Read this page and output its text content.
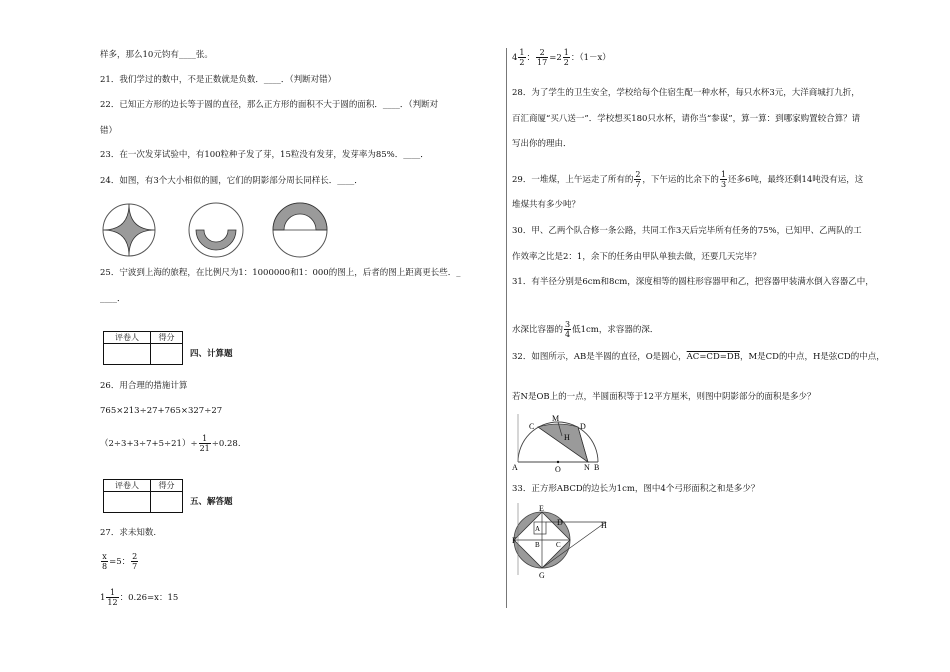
样多，那么10元钧有____张。
21．我们学过的数中，不是正数就是负数．____．（判断对错）
22．已知正方形的边长等于圆的直径，那么正方形的面积不大于圆的面积．____．（判断对
错）
23．在一次发芽试验中，有100粒种子发了芽，15粒没有发芽，发芽率为85%．____．
24．如图，有3个大小相似的圆，它们的阴影部分周长同样长．____．
25．宁波到上海的旅程，在比例尺为1：1000000和1：000的图上，后者的图上距离更长些．_
____．
评卷人	得分

四、计算题
26．用合理的措施计算
765×213÷27+765×327÷27
$(2\div 3+3\div 7+5\div 21)\div \frac{1}{21} \div 0.28$.
评卷人	得分

五、解答题
27．求未知数.
$\frac{x}{8} =5$： $\frac{2}{7}$
$1 \frac{1}{12}$ ：0.26=x：15
$4 \frac{1}{2}$ ： $\frac{2}{17} =2 \frac{1}{2}$ ：（1－x）
28．为了学生的卫生安全，学校给每个住宿生配一种水杯，每只水杯3元，大洋商城打九折，
百汇商厦“买八送一”．学校想买180只水杯，请你当“参谋”，算一算：到哪家购置较合算？请
写出你的理由．
29．一堆煤，上午运走了所有的 $\frac{2}{7}$ ，下午运的比余下的 $\frac{1}{3}$ 还多6吨，最终还剩14吨没有运，这
堆煤共有多少吨？
30．甲、乙两个队合修一条公路，共同工作3天后完毕所有任务的75%，已知甲、乙两队的工
作效率之比是2：1，余下的任务由甲队单独去做，还要几天完毕？
31．有半径分别是6cm和8cm，深度相等的圆柱形容器甲和乙，把容器甲装满水倒入容器乙中，
水深比容器的 $\frac{3}{4}$ 低1cm，求容器的深．
32．如图所示，AB是半圆的直径，O是圆心，AC=CD=DB，M是CD的中点，H是弦CD的中点，
若N是OB上的一点，半圆面积等于12平方厘米，则图中阴影部分的面积是多少？
A	O	N B
C
M
D
H
33．正方形ABCD的边长为1cm，图中4个弓形面积之和是多少？
E
A
D	H
F	B C
G
